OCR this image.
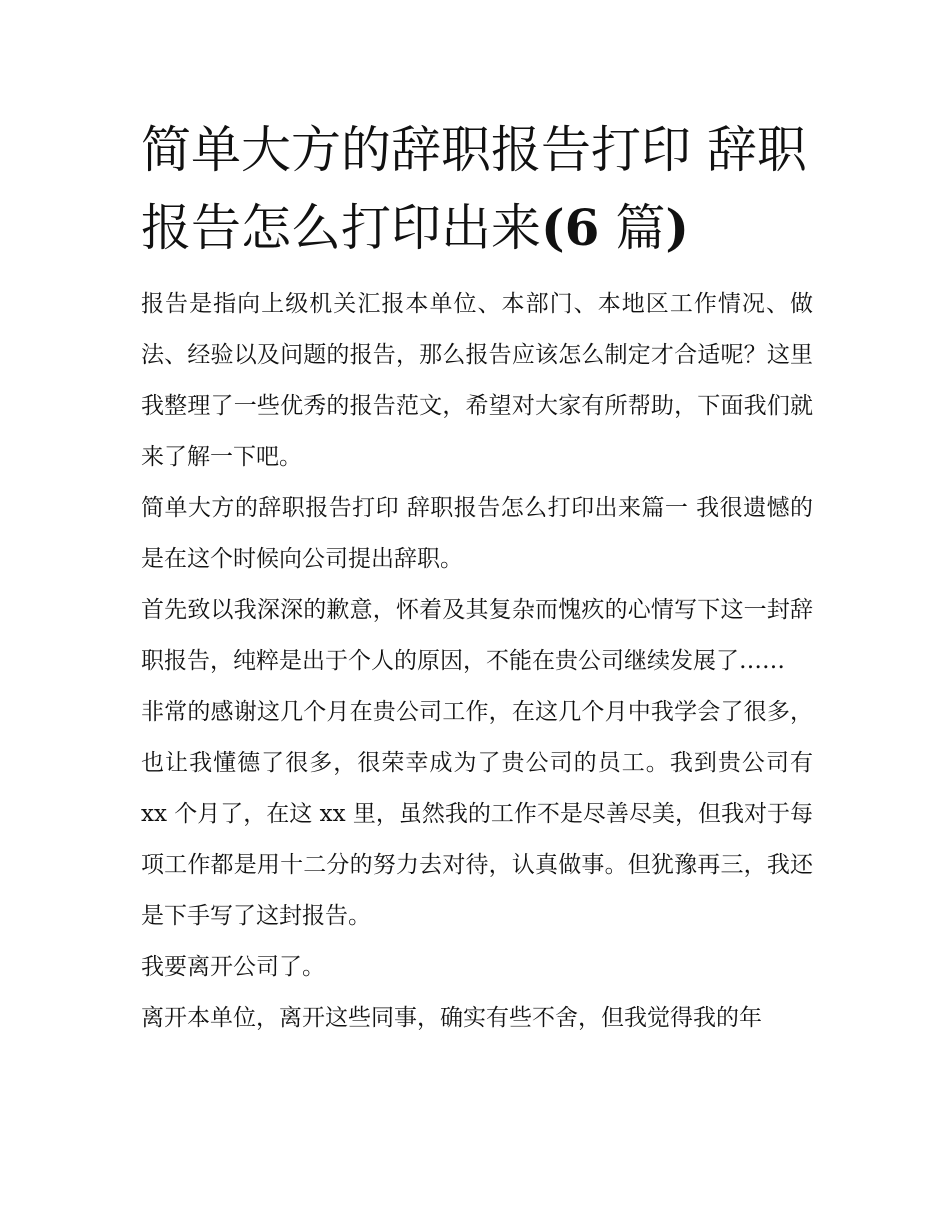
简单大方的辞职报告打印 辞职报告怎么打印出来(6 篇)

报告是指向上级机关汇报本单位、本部门、本地区工作情况、做法、经验以及问题的报告，那么报告应该怎么制定才合适呢？这里我整理了一些优秀的报告范文，希望对大家有所帮助，下面我们就来了解一下吧。

简单大方的辞职报告打印 辞职报告怎么打印出来篇一 我很遗憾的是在这个时候向公司提出辞职。

首先致以我深深的歉意，怀着及其复杂而愧疚的心情写下这一封辞职报告，纯粹是出于个人的原因，不能在贵公司继续发展了……

非常的感谢这几个月在贵公司工作，在这几个月中我学会了很多，也让我懂德了很多，很荣幸成为了贵公司的员工。我到贵公司有 xx 个月了，在这 xx 里，虽然我的工作不是尽善尽美，但我对于每项工作都是用十二分的努力去对待，认真做事。但犹豫再三，我还是下手写了这封报告。

我要离开公司了。

离开本单位，离开这些同事，确实有些不舍，但我觉得我的年
